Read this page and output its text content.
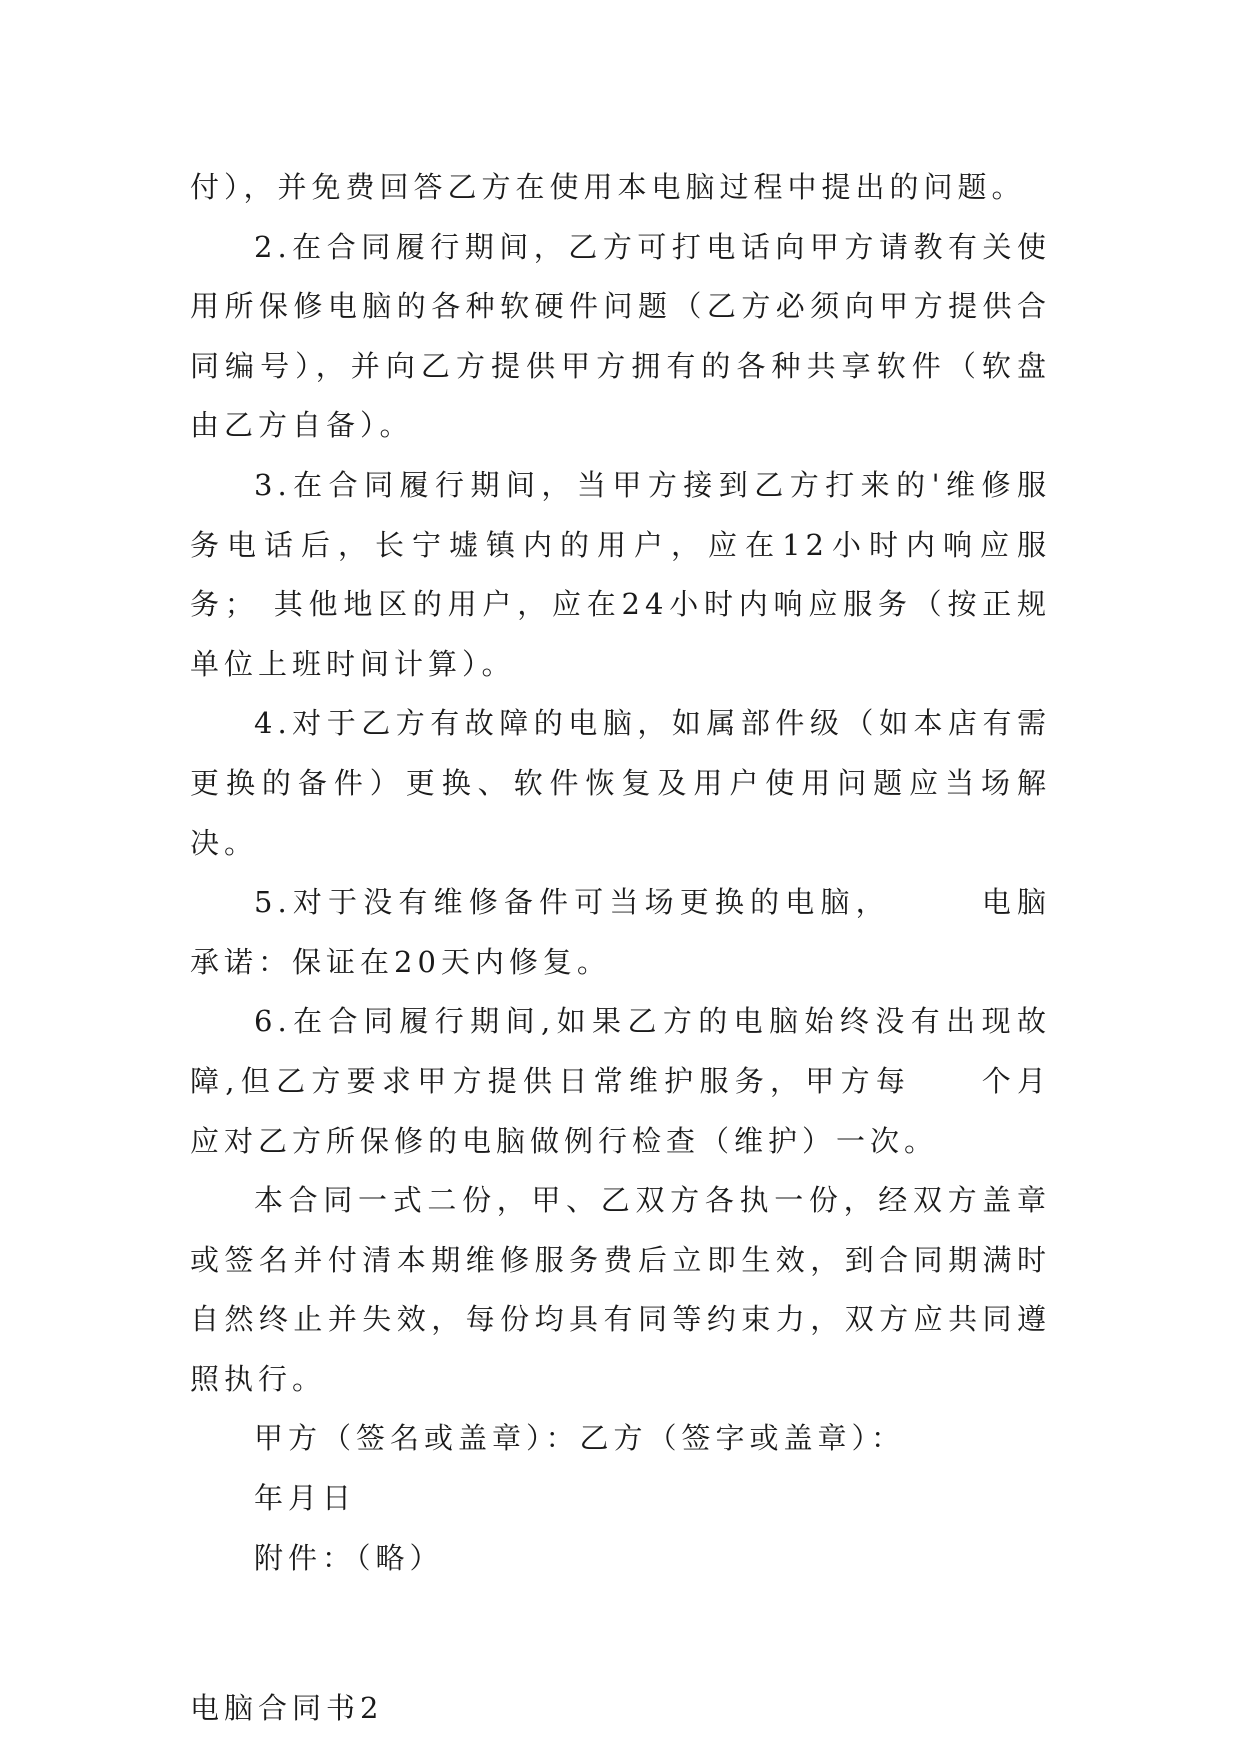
付），并免费回答乙方在使用本电脑过程中提出的问题。

2.在合同履行期间，乙方可打电话向甲方请教有关使用所保修电脑的各种软硬件问题（乙方必须向甲方提供合同编号），并向乙方提供甲方拥有的各种共享软件（软盘由乙方自备）。

3.在合同履行期间，当甲方接到乙方打来的'维修服务电话后，长宁墟镇内的用户，应在12小时内响应服务； 其他地区的用户，应在24小时内响应服务（按正规单位上班时间计算）。

4.对于乙方有故障的电脑，如属部件级（如本店有需更换的备件）更换、软件恢复及用户使用问题应当场解决。

5.对于没有维修备件可当场更换的电脑，　　　电脑承诺：保证在20天内修复。

6.在合同履行期间,如果乙方的电脑始终没有出现故障,但乙方要求甲方提供日常维护服务，甲方每　　个月应对乙方所保修的电脑做例行检查（维护）一次。

本合同一式二份，甲、乙双方各执一份，经双方盖章或签名并付清本期维修服务费后立即生效，到合同期满时自然终止并失效，每份均具有同等约束力，双方应共同遵照执行。

甲方（签名或盖章）：乙方（签字或盖章）：

年月日

附件：（略）

电脑合同书2
